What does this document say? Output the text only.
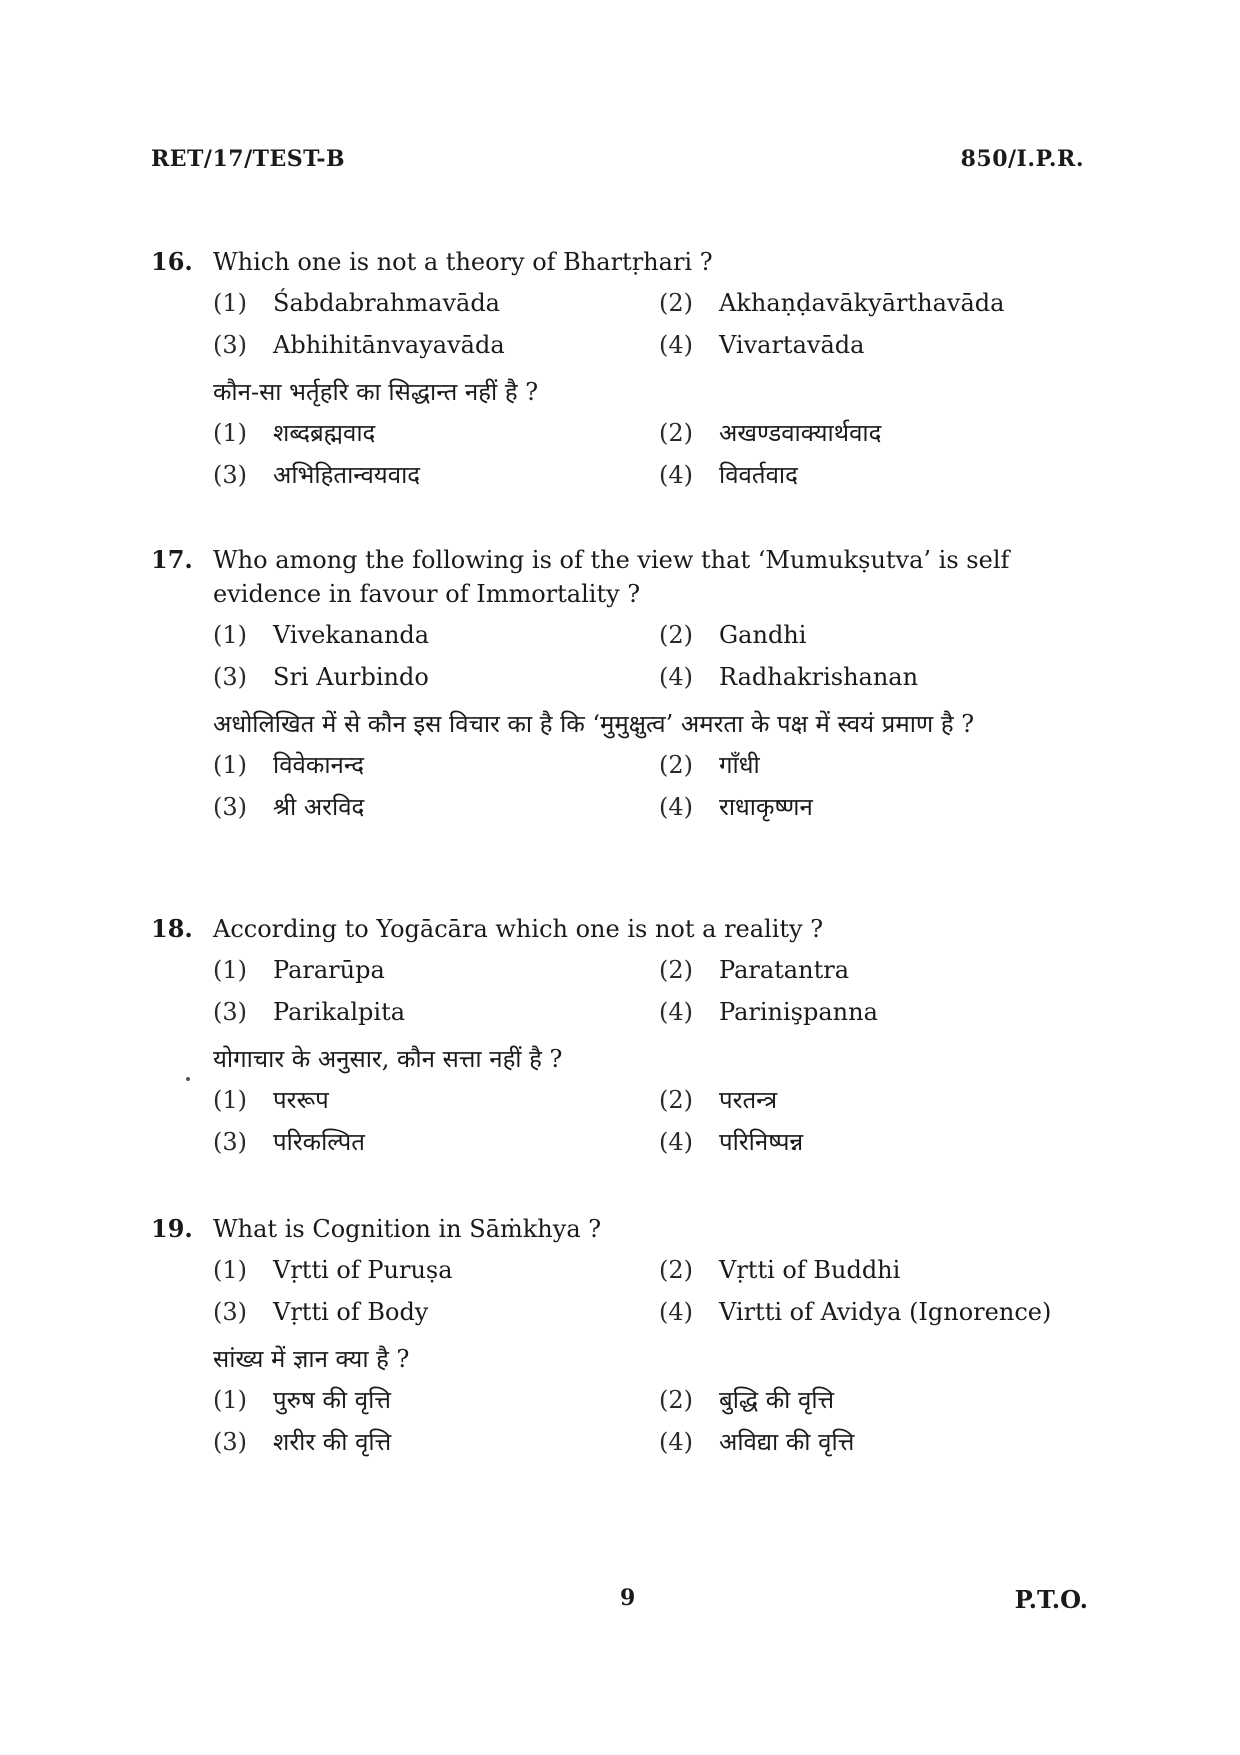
RET/17/TEST-B	850/I.P.R.
16. Which one is not a theory of Bhartṛhari ?
(1)	Śabdabrahmavāda	(2)	Akhaṇḍavākyārthavāda
(3)	Abhihitānvayavāda	(4)	Vivartavāda
कौन-सा भर्तृहरि का सिद्धान्त नहीं है ?
(1)	शब्दब्रह्मवाद	(2)	अखण्डवाक्यार्थवाद
(3)	अभिहितान्वयवाद	(4)	विवर्तवाद
17. Who among the following is of the view that ‘Mumukṣutva’ is self evidence in favour of Immortality ?
(1)	Vivekananda	(2)	Gandhi
(3)	Sri Aurbindo	(4)	Radhakrishanan
अधोलिखित में से कौन इस विचार का है कि ‘मुमुक्षुत्व’ अमरता के पक्ष में स्वयं प्रमाण है ?
(1)	विवेकानन्द	(2)	गाँधी
(3)	श्री अरविद	(4)	राधाकृष्णन
18. According to Yogācāra which one is not a reality ?
(1)	Pararūpa	(2)	Paratantra
(3)	Parikalpita	(4)	Parinişpanna
योगाचार के अनुसार, कौन सत्ता नहीं है ?
(1)	पररूप	(2)	परतन्त्र
(3)	परिकल्पित	(4)	परिनिष्पन्न
19. What is Cognition in Sāṁkhya ?
(1)	Vṛtti of Puruṣa	(2)	Vṛtti of Buddhi
(3)	Vṛtti of Body	(4)	Virtti of Avidya (Ignorence)
सांख्य में ज्ञान क्या है ?
(1)	पुरुष की वृत्ति	(2)	बुद्धि की वृत्ति
(3)	शरीर की वृत्ति	(4)	अविद्या की वृत्ति
9	P.T.O.
